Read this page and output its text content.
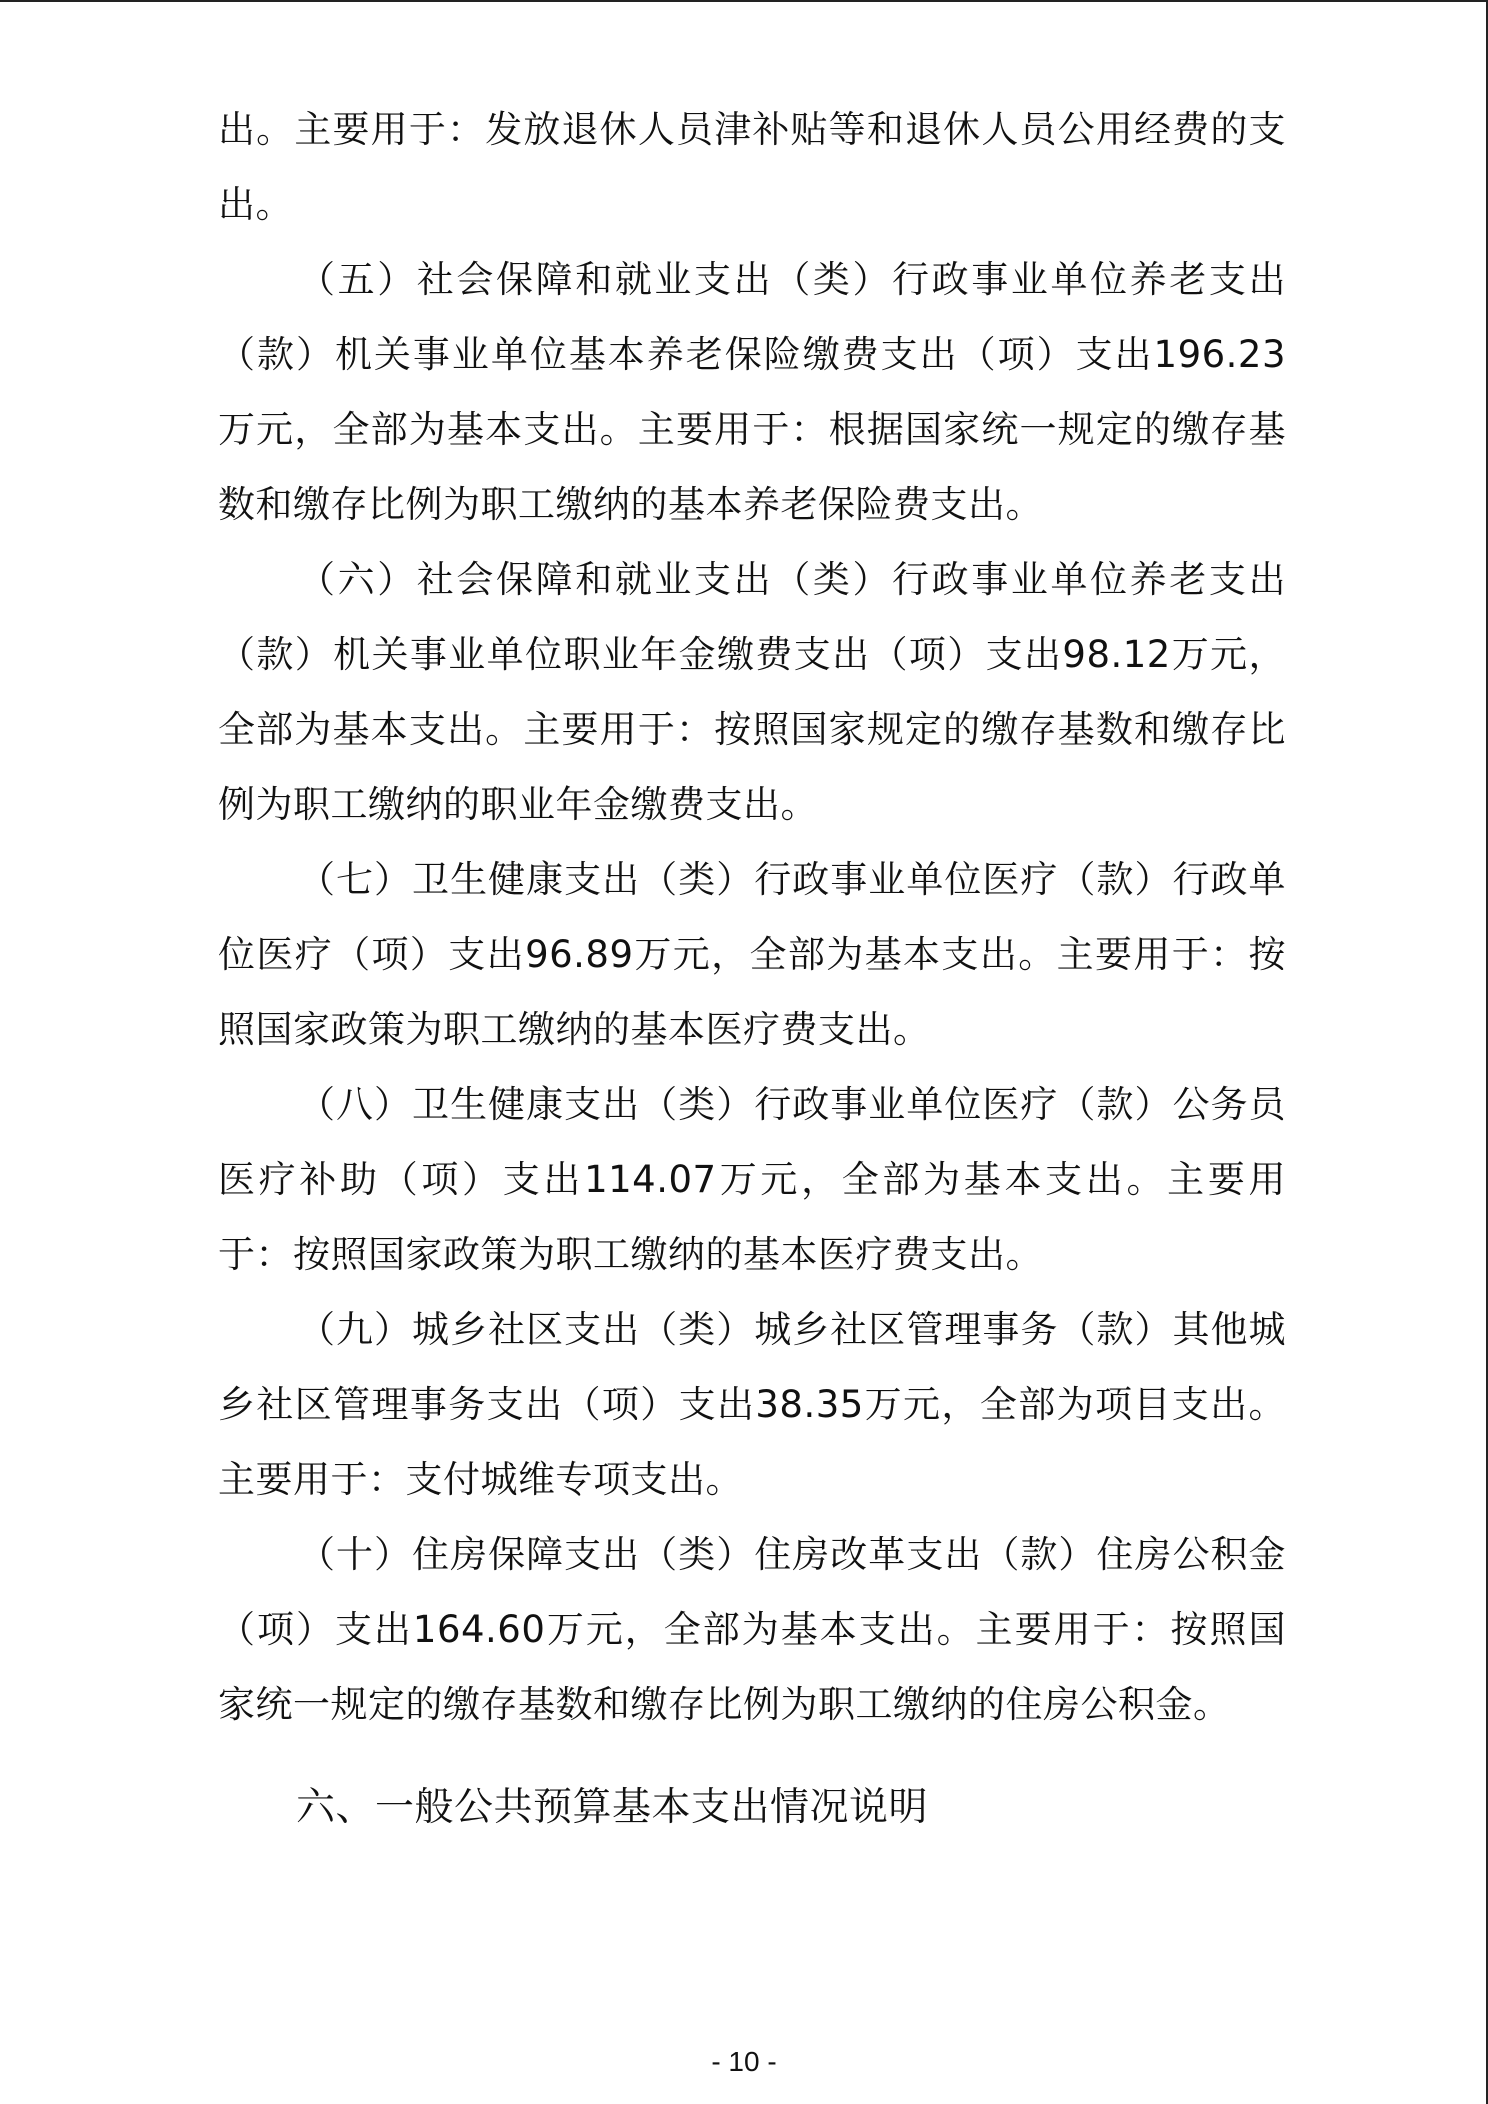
出。主要用于：发放退休人员津补贴等和退休人员公用经费的支出。

（五）社会保障和就业支出（类）行政事业单位养老支出（款）机关事业单位基本养老保险缴费支出（项）支出196.23万元，全部为基本支出。主要用于：根据国家统一规定的缴存基数和缴存比例为职工缴纳的基本养老保险费支出。

（六）社会保障和就业支出（类）行政事业单位养老支出（款）机关事业单位职业年金缴费支出（项）支出98.12万元，全部为基本支出。主要用于：按照国家规定的缴存基数和缴存比例为职工缴纳的职业年金缴费支出。

（七）卫生健康支出（类）行政事业单位医疗（款）行政单位医疗（项）支出96.89万元，全部为基本支出。主要用于：按照国家政策为职工缴纳的基本医疗费支出。

（八）卫生健康支出（类）行政事业单位医疗（款）公务员医疗补助（项）支出114.07万元，全部为基本支出。主要用于：按照国家政策为职工缴纳的基本医疗费支出。

（九）城乡社区支出（类）城乡社区管理事务（款）其他城乡社区管理事务支出（项）支出38.35万元，全部为项目支出。主要用于：支付城维专项支出。

（十）住房保障支出（类）住房改革支出（款）住房公积金（项）支出164.60万元，全部为基本支出。主要用于：按照国家统一规定的缴存基数和缴存比例为职工缴纳的住房公积金。

六、一般公共预算基本支出情况说明
- 10 -
